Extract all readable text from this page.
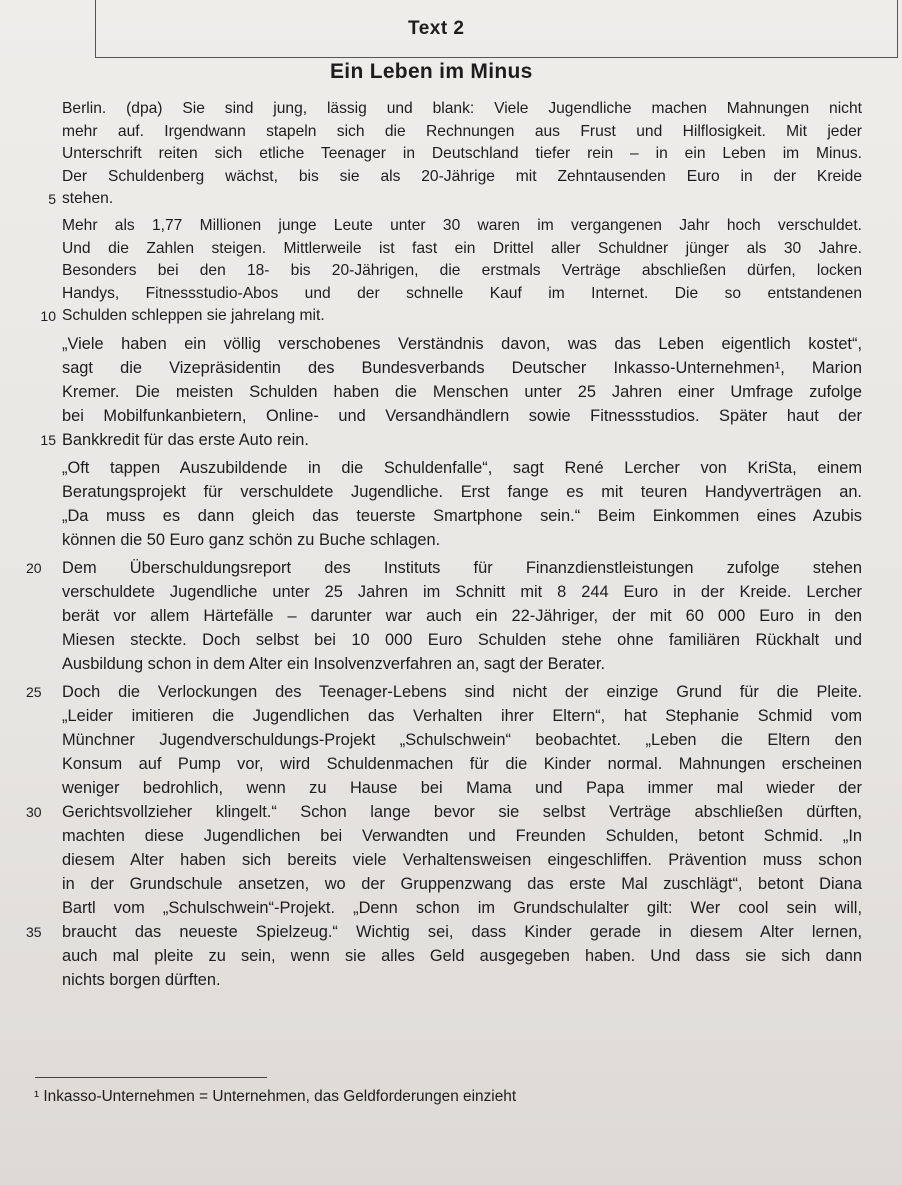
Text 2
Ein Leben im Minus
Berlin. (dpa) Sie sind jung, lässig und blank: Viele Jugendliche machen Mahnungen nicht
mehr auf. Irgendwann stapeln sich die Rechnungen aus Frust und Hilflosigkeit. Mit jeder
Unterschrift reiten sich etliche Teenager in Deutschland tiefer rein – in ein Leben im Minus.
Der Schuldenberg wächst, bis sie als 20-Jährige mit Zehntausenden Euro in der Kreide
5 stehen.
Mehr als 1,77 Millionen junge Leute unter 30 waren im vergangenen Jahr hoch verschuldet.
Und die Zahlen steigen. Mittlerweile ist fast ein Drittel aller Schuldner jünger als 30 Jahre.
Besonders bei den 18- bis 20-Jährigen, die erstmals Verträge abschließen dürfen, locken
Handys, Fitnessstudio-Abos und der schnelle Kauf im Internet. Die so entstandenen
10 Schulden schleppen sie jahrelang mit.
„Viele haben ein völlig verschobenes Verständnis davon, was das Leben eigentlich kostet“,
sagt die Vizepräsidentin des Bundesverbands Deutscher Inkasso-Unternehmen¹, Marion
Kremer. Die meisten Schulden haben die Menschen unter 25 Jahren einer Umfrage zufolge
bei Mobilfunkanbietern, Online- und Versandhändlern sowie Fitnessstudios. Später haut der
15 Bankkredit für das erste Auto rein.
„Oft tappen Auszubildende in die Schuldenfalle“, sagt René Lercher von KriSta, einem
Beratungsprojekt für verschuldete Jugendliche. Erst fange es mit teuren Handyverträgen an.
„Da muss es dann gleich das teuerste Smartphone sein.“ Beim Einkommen eines Azubis
können die 50 Euro ganz schön zu Buche schlagen.
20	Dem Überschuldungsreport des Instituts für Finanzdienstleistungen zufolge stehen
verschuldete Jugendliche unter 25 Jahren im Schnitt mit 8 244 Euro in der Kreide. Lercher
berät vor allem Härtefälle – darunter war auch ein 22-Jähriger, der mit 60 000 Euro in den
Miesen steckte. Doch selbst bei 10 000 Euro Schulden stehe ohne familiären Rückhalt und
Ausbildung schon in dem Alter ein Insolvenzverfahren an, sagt der Berater.
25	Doch die Verlockungen des Teenager-Lebens sind nicht der einzige Grund für die Pleite.
„Leider imitieren die Jugendlichen das Verhalten ihrer Eltern“, hat Stephanie Schmid vom
Münchner Jugendverschuldungs-Projekt „Schulschwein“ beobachtet. „Leben die Eltern den
Konsum auf Pump vor, wird Schuldenmachen für die Kinder normal. Mahnungen erscheinen
weniger bedrohlich, wenn zu Hause bei Mama und Papa immer mal wieder der
30	Gerichtsvollzieher klingelt.“ Schon lange bevor sie selbst Verträge abschließen dürften,
machten diese Jugendlichen bei Verwandten und Freunden Schulden, betont Schmid. „In
diesem Alter haben sich bereits viele Verhaltensweisen eingeschliffen. Prävention muss schon
in der Grundschule ansetzen, wo der Gruppenzwang das erste Mal zuschlägt“, betont Diana
Bartl vom „Schulschwein“-Projekt. „Denn schon im Grundschulalter gilt: Wer cool sein will,
35	braucht das neueste Spielzeug.“ Wichtig sei, dass Kinder gerade in diesem Alter lernen,
auch mal pleite zu sein, wenn sie alles Geld ausgegeben haben. Und dass sie sich dann
nichts borgen dürften.
¹ Inkasso-Unternehmen = Unternehmen, das Geldforderungen einzieht
